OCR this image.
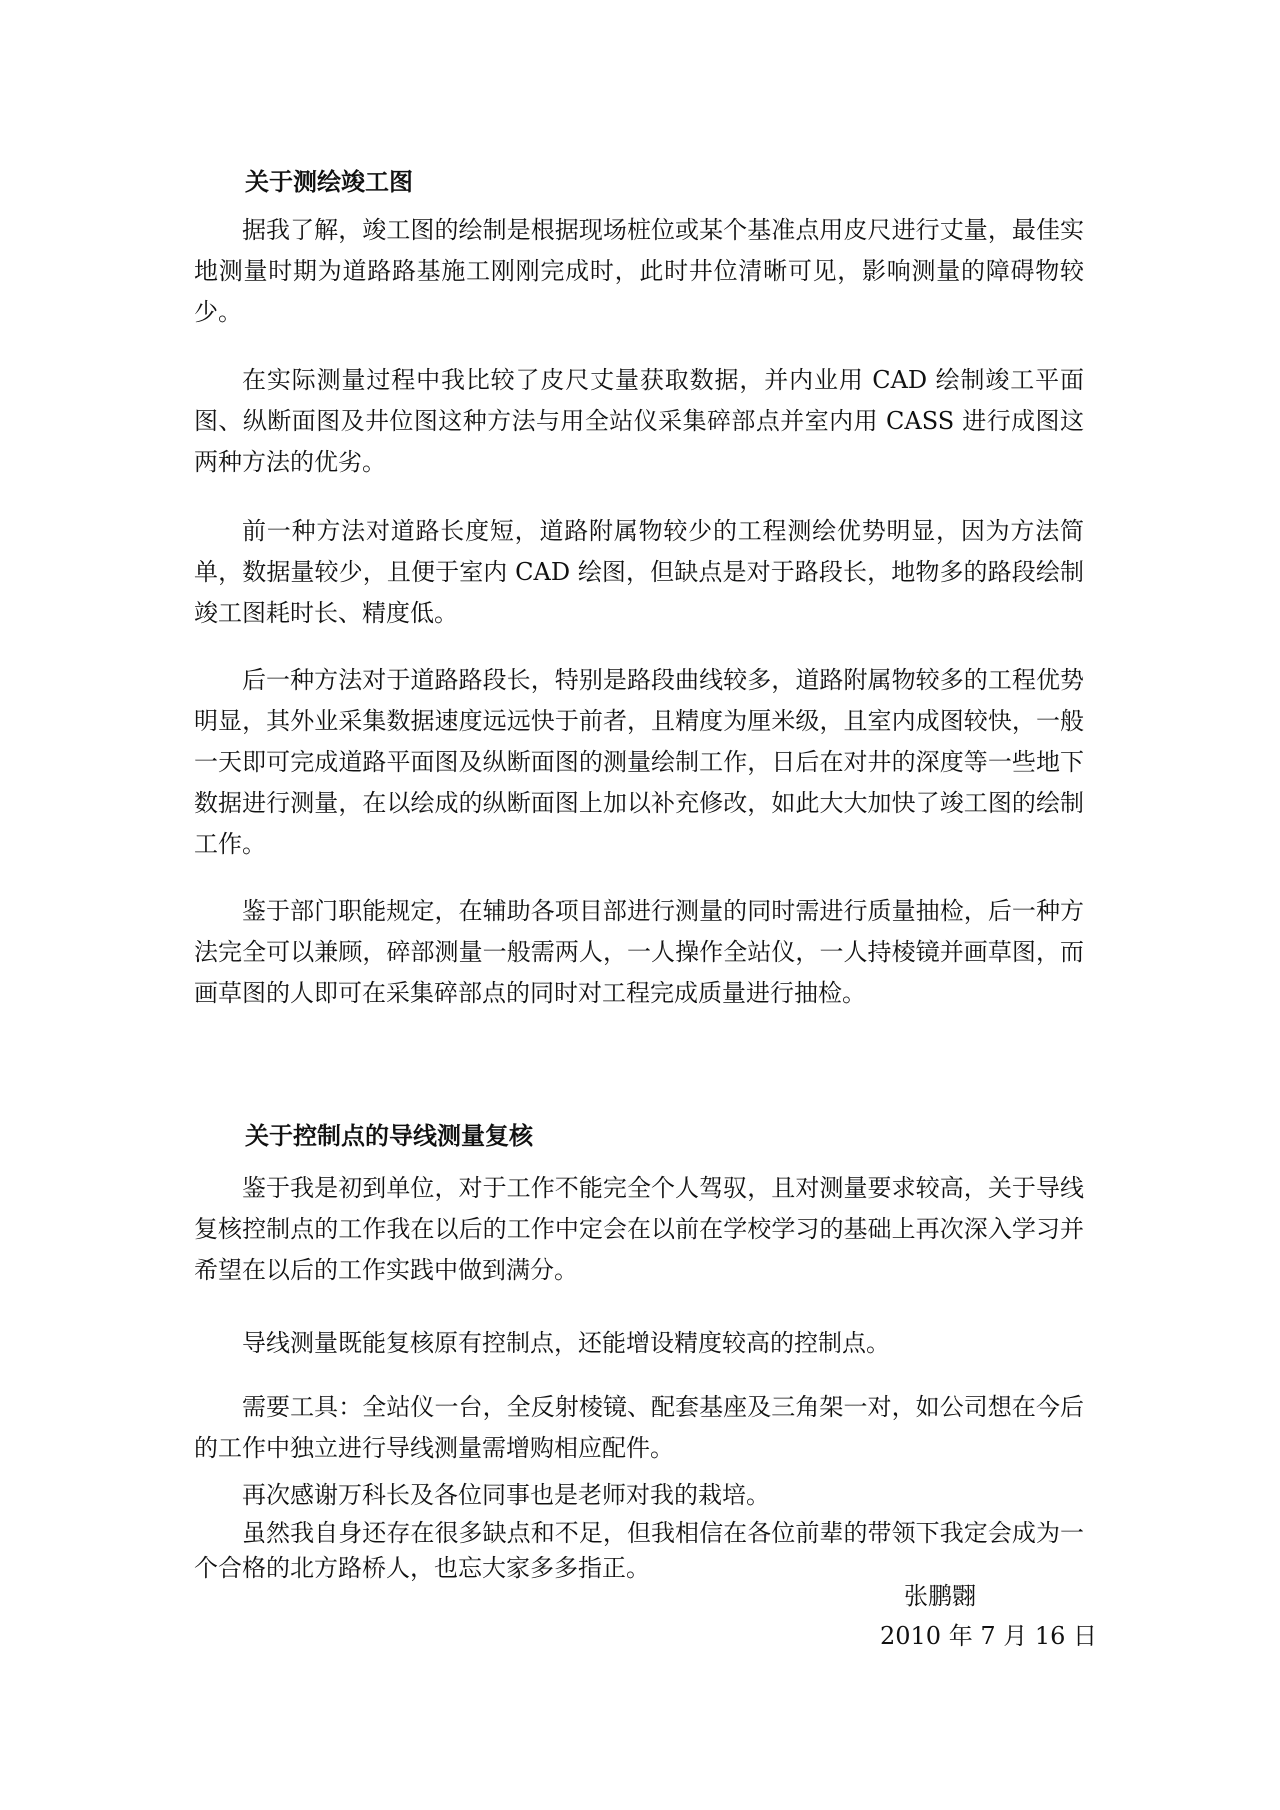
关于测绘竣工图

据我了解，竣工图的绘制是根据现场桩位或某个基准点用皮尺进行丈量，最佳实地测量时期为道路路基施工刚刚完成时，此时井位清晰可见，影响测量的障碍物较少。

在实际测量过程中我比较了皮尺丈量获取数据，并内业用 CAD 绘制竣工平面图、纵断面图及井位图这种方法与用全站仪采集碎部点并室内用 CASS 进行成图这两种方法的优劣。

前一种方法对道路长度短，道路附属物较少的工程测绘优势明显，因为方法简单，数据量较少，且便于室内 CAD 绘图，但缺点是对于路段长，地物多的路段绘制竣工图耗时长、精度低。

后一种方法对于道路路段长，特别是路段曲线较多，道路附属物较多的工程优势明显，其外业采集数据速度远远快于前者，且精度为厘米级，且室内成图较快，一般一天即可完成道路平面图及纵断面图的测量绘制工作，日后在对井的深度等一些地下数据进行测量，在以绘成的纵断面图上加以补充修改，如此大大加快了竣工图的绘制工作。

鉴于部门职能规定，在辅助各项目部进行测量的同时需进行质量抽检，后一种方法完全可以兼顾，碎部测量一般需两人，一人操作全站仪，一人持棱镜并画草图，而画草图的人即可在采集碎部点的同时对工程完成质量进行抽检。

关于控制点的导线测量复核

鉴于我是初到单位，对于工作不能完全个人驾驭，且对测量要求较高，关于导线复核控制点的工作我在以后的工作中定会在以前在学校学习的基础上再次深入学习并希望在以后的工作实践中做到满分。

导线测量既能复核原有控制点，还能增设精度较高的控制点。

需要工具：全站仪一台，全反射棱镜、配套基座及三角架一对，如公司想在今后的工作中独立进行导线测量需增购相应配件。

再次感谢万科长及各位同事也是老师对我的栽培。

虽然我自身还存在很多缺点和不足，但我相信在各位前辈的带领下我定会成为一个合格的北方路桥人，也忘大家多多指正。

张鹏翾
2010 年 7 月 16 日
